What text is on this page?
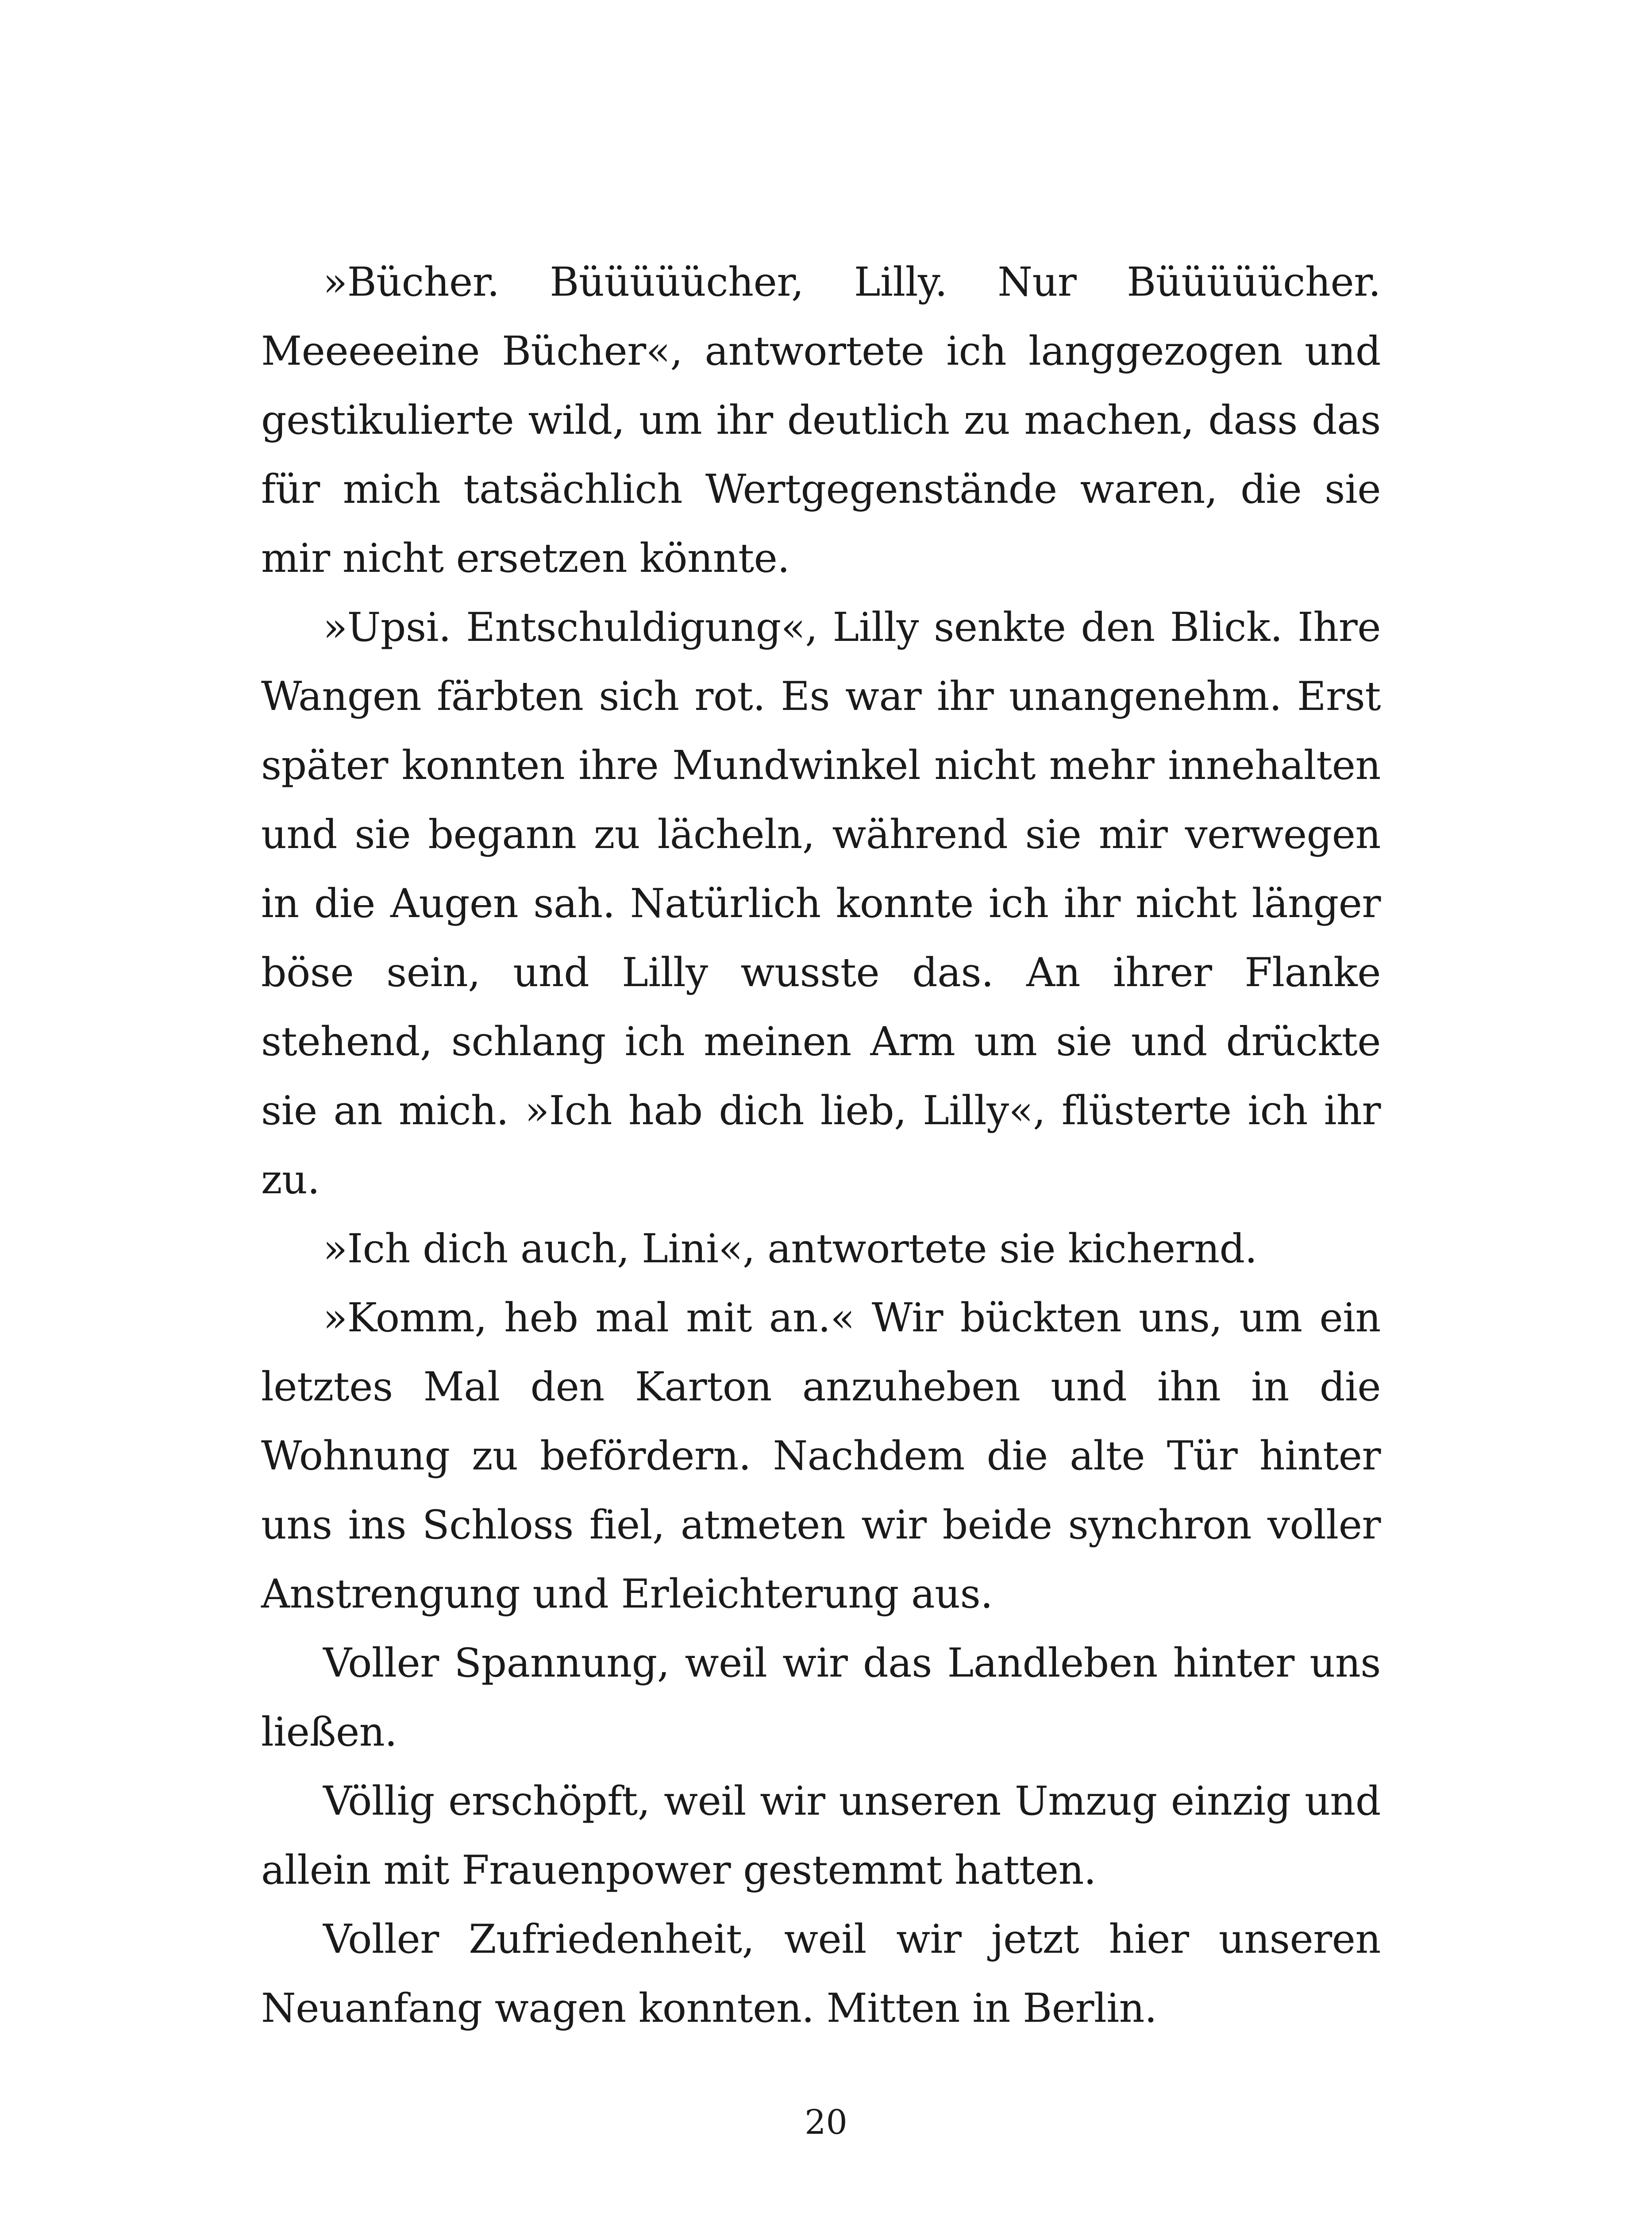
»Bücher. Büüüüücher, Lilly. Nur Büüüüücher. Meeeeeine Bücher«, antwortete ich langgezogen und gestikulierte wild, um ihr deutlich zu machen, dass das für mich tatsächlich Wertgegenstände waren, die sie mir nicht ersetzen könnte.

»Upsi. Entschuldigung«, Lilly senkte den Blick. Ihre Wangen färbten sich rot. Es war ihr unangenehm. Erst später konnten ihre Mundwinkel nicht mehr innehalten und sie begann zu lächeln, während sie mir verwegen in die Augen sah. Natürlich konnte ich ihr nicht länger böse sein, und Lilly wusste das. An ihrer Flanke stehend, schlang ich meinen Arm um sie und drückte sie an mich. »Ich hab dich lieb, Lilly«, flüsterte ich ihr zu.

»Ich dich auch, Lini«, antwortete sie kichernd.

»Komm, heb mal mit an.« Wir bückten uns, um ein letztes Mal den Karton anzuheben und ihn in die Wohnung zu befördern. Nachdem die alte Tür hinter uns ins Schloss fiel, atmeten wir beide synchron voller Anstrengung und Erleichterung aus.

Voller Spannung, weil wir das Landleben hinter uns ließen.

Völlig erschöpft, weil wir unseren Umzug einzig und allein mit Frauenpower gestemmt hatten.

Voller Zufriedenheit, weil wir jetzt hier unseren Neuanfang wagen konnten. Mitten in Berlin.

20
